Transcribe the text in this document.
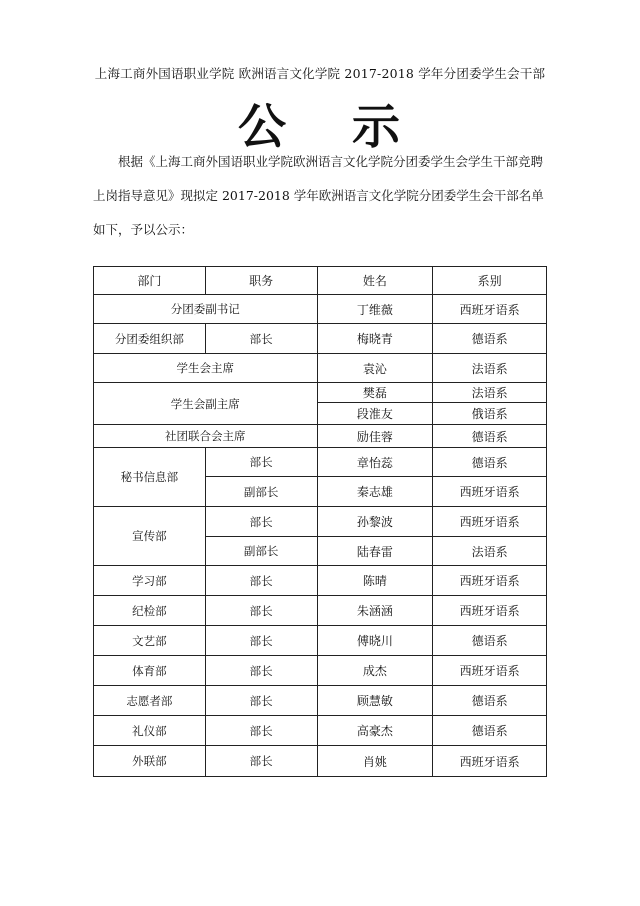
上海工商外国语职业学院 欧洲语言文化学院 2017-2018 学年分团委学生会干部
公 示
根据《上海工商外国语职业学院欧洲语言文化学院分团委学生会学生干部竞聘
上岗指导意见》现拟定 2017-2018 学年欧洲语言文化学院分团委学生会干部名单
如下，予以公示：
部门	职务	姓名	系别
分团委副书记		丁维薇	西班牙语系
分团委组织部	部长	梅晓青	德语系
学生会主席		袁沁	法语系
学生会副主席		樊磊	法语系
		段淮友	俄语系
社团联合会主席		励佳蓉	德语系
秘书信息部	部长	章怡蕊	德语系
	副部长	秦志雄	西班牙语系
宣传部	部长	孙黎波	西班牙语系
	副部长	陆春雷	法语系
学习部	部长	陈晴	西班牙语系
纪检部	部长	朱涵涵	西班牙语系
文艺部	部长	傅晓川	德语系
体育部	部长	成杰	西班牙语系
志愿者部	部长	顾慧敏	德语系
礼仪部	部长	高豪杰	德语系
外联部	部长	肖姚	西班牙语系
